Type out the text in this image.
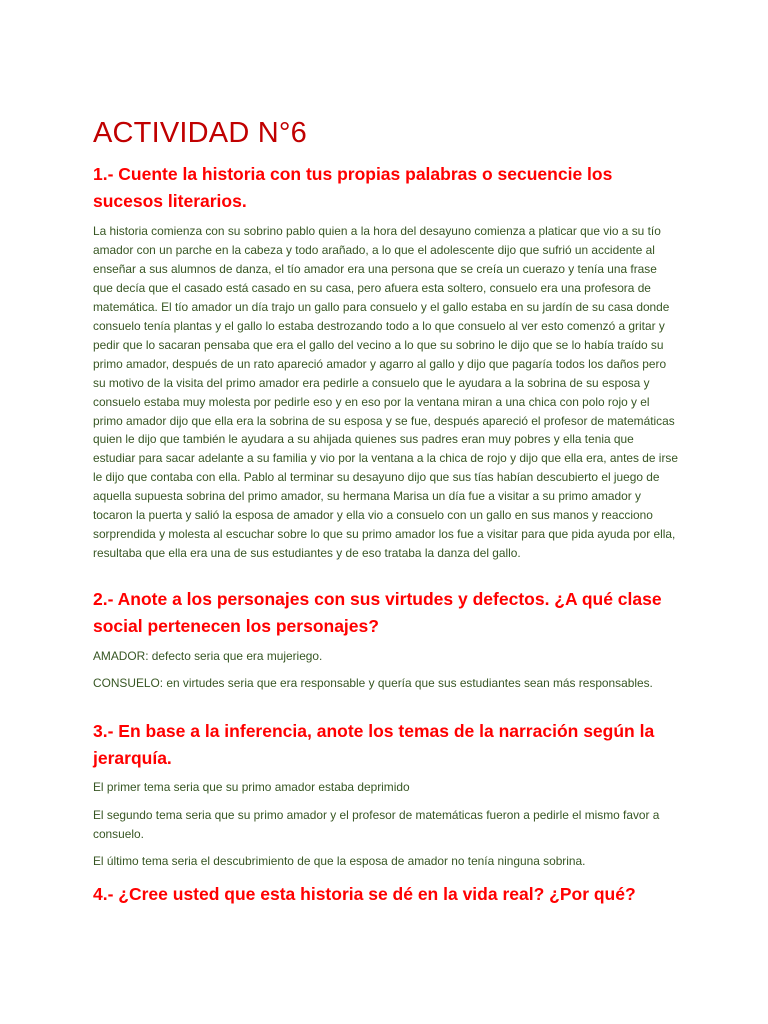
ACTIVIDAD N°6
1.- Cuente la historia con tus propias palabras o secuencie los sucesos literarios.

La historia comienza con su sobrino pablo quien a la hora del desayuno comienza a platicar que vio a su tío amador con un parche en la cabeza y todo arañado, a lo que el adolescente dijo que sufrió un accidente al enseñar a sus alumnos de danza, el tío amador era una persona que se creía un cuerazo y tenía una frase que decía que el casado está casado en su casa, pero afuera esta soltero, consuelo era una profesora de matemática. El tío amador un día trajo un gallo para consuelo y el gallo estaba en su jardín de su casa donde consuelo tenía plantas y el gallo lo estaba destrozando todo a lo que consuelo al ver esto comenzó a gritar y pedir que lo sacaran pensaba que era el gallo del vecino a lo que su sobrino le dijo que se lo había traído su primo amador, después de un rato apareció amador y agarro al gallo y dijo que pagaría todos los daños pero su motivo de la visita del primo amador era pedirle a consuelo que le ayudara a la sobrina de su esposa y consuelo estaba muy molesta por pedirle eso y en eso por la ventana miran a una chica con polo rojo y el primo amador dijo que ella era la sobrina de su esposa y se fue, después apareció el profesor de matemáticas quien le dijo que también le ayudara a su ahijada quienes sus padres eran muy pobres y ella tenia que estudiar para sacar adelante a su familia y vio por la ventana a la chica de rojo y dijo que ella era, antes de irse le dijo que contaba con ella. Pablo al terminar su desayuno dijo que sus tías habían descubierto el juego de aquella supuesta sobrina del primo amador, su hermana Marisa un día fue a visitar a su primo amador y tocaron la puerta y salió la esposa de amador y ella vio a consuelo con un gallo en sus manos y reacciono sorprendida y molesta al escuchar sobre lo que su primo amador los fue a visitar para que pida ayuda por ella, resultaba que ella era una de sus estudiantes y de eso trataba la danza del gallo.

2.- Anote a los personajes con sus virtudes y defectos. ¿A qué clase social pertenecen los personajes?

AMADOR: defecto seria que era mujeriego.

CONSUELO: en virtudes seria que era responsable y quería que sus estudiantes sean más responsables.

3.- En base a la inferencia, anote los temas de la narración según la jerarquía.

El primer tema seria que su primo amador estaba deprimido

El segundo tema seria que su primo amador y el profesor de matemáticas fueron a pedirle el mismo favor a consuelo.

El último tema seria el descubrimiento de que la esposa de amador no tenía ninguna sobrina.

4.- ¿Cree usted que esta historia se dé en la vida real? ¿Por qué?
